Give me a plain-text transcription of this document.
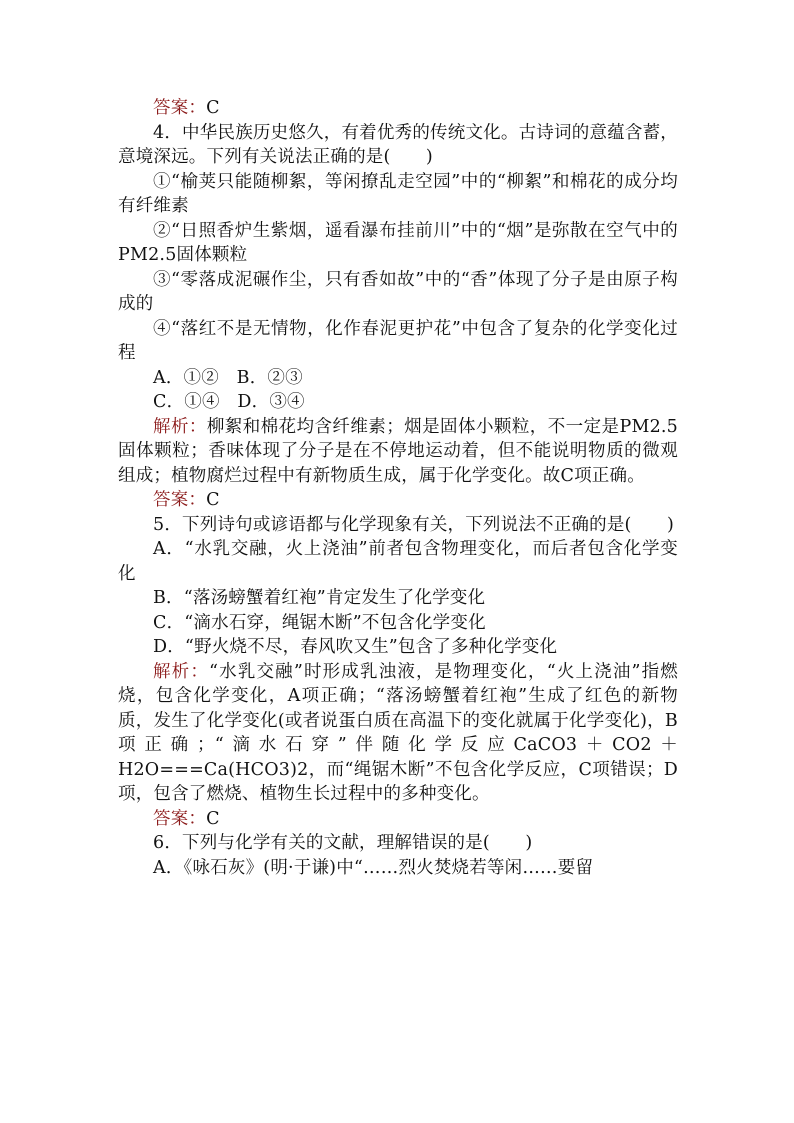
答案：C

4．中华民族历史悠久，有着优秀的传统文化。古诗词的意蕴含蓄，意境深远。下列有关说法正确的是(　　)

①“榆荚只能随柳絮，等闲撩乱走空园”中的“柳絮”和棉花的成分均有纤维素

②“日照香炉生紫烟，遥看瀑布挂前川”中的“烟”是弥散在空气中的PM2.5固体颗粒

③“零落成泥碾作尘，只有香如故”中的“香”体现了分子是由原子构成的

④“落红不是无情物，化作春泥更护花”中包含了复杂的化学变化过程

A．①②　B．②③

C．①④　D．③④

解析：柳絮和棉花均含纤维素；烟是固体小颗粒，不一定是PM2.5固体颗粒；香味体现了分子是在不停地运动着，但不能说明物质的微观组成；植物腐烂过程中有新物质生成，属于化学变化。故C项正确。

答案：C

5．下列诗句或谚语都与化学现象有关，下列说法不正确的是(　　)

A．“水乳交融，火上浇油”前者包含物理变化，而后者包含化学变化

B．“落汤螃蟹着红袍”肯定发生了化学变化

C．“滴水石穿，绳锯木断”不包含化学变化

D．“野火烧不尽，春风吹又生”包含了多种化学变化

解析：“水乳交融”时形成乳浊液，是物理变化，“火上浇油”指燃烧，包含化学变化，A项正确；“落汤螃蟹着红袍”生成了红色的新物质，发生了化学变化(或者说蛋白质在高温下的变化就属于化学变化)，B项正确；“滴水石穿”伴随化学反应CaCO3＋CO2＋H2O===Ca(HCO3)2，而“绳锯木断”不包含化学反应，C项错误；D项，包含了燃烧、植物生长过程中的多种变化。

答案：C

6．下列与化学有关的文献，理解错误的是(　　)

A．《咏石灰》(明·于谦)中“……烈火焚烧若等闲……要留
